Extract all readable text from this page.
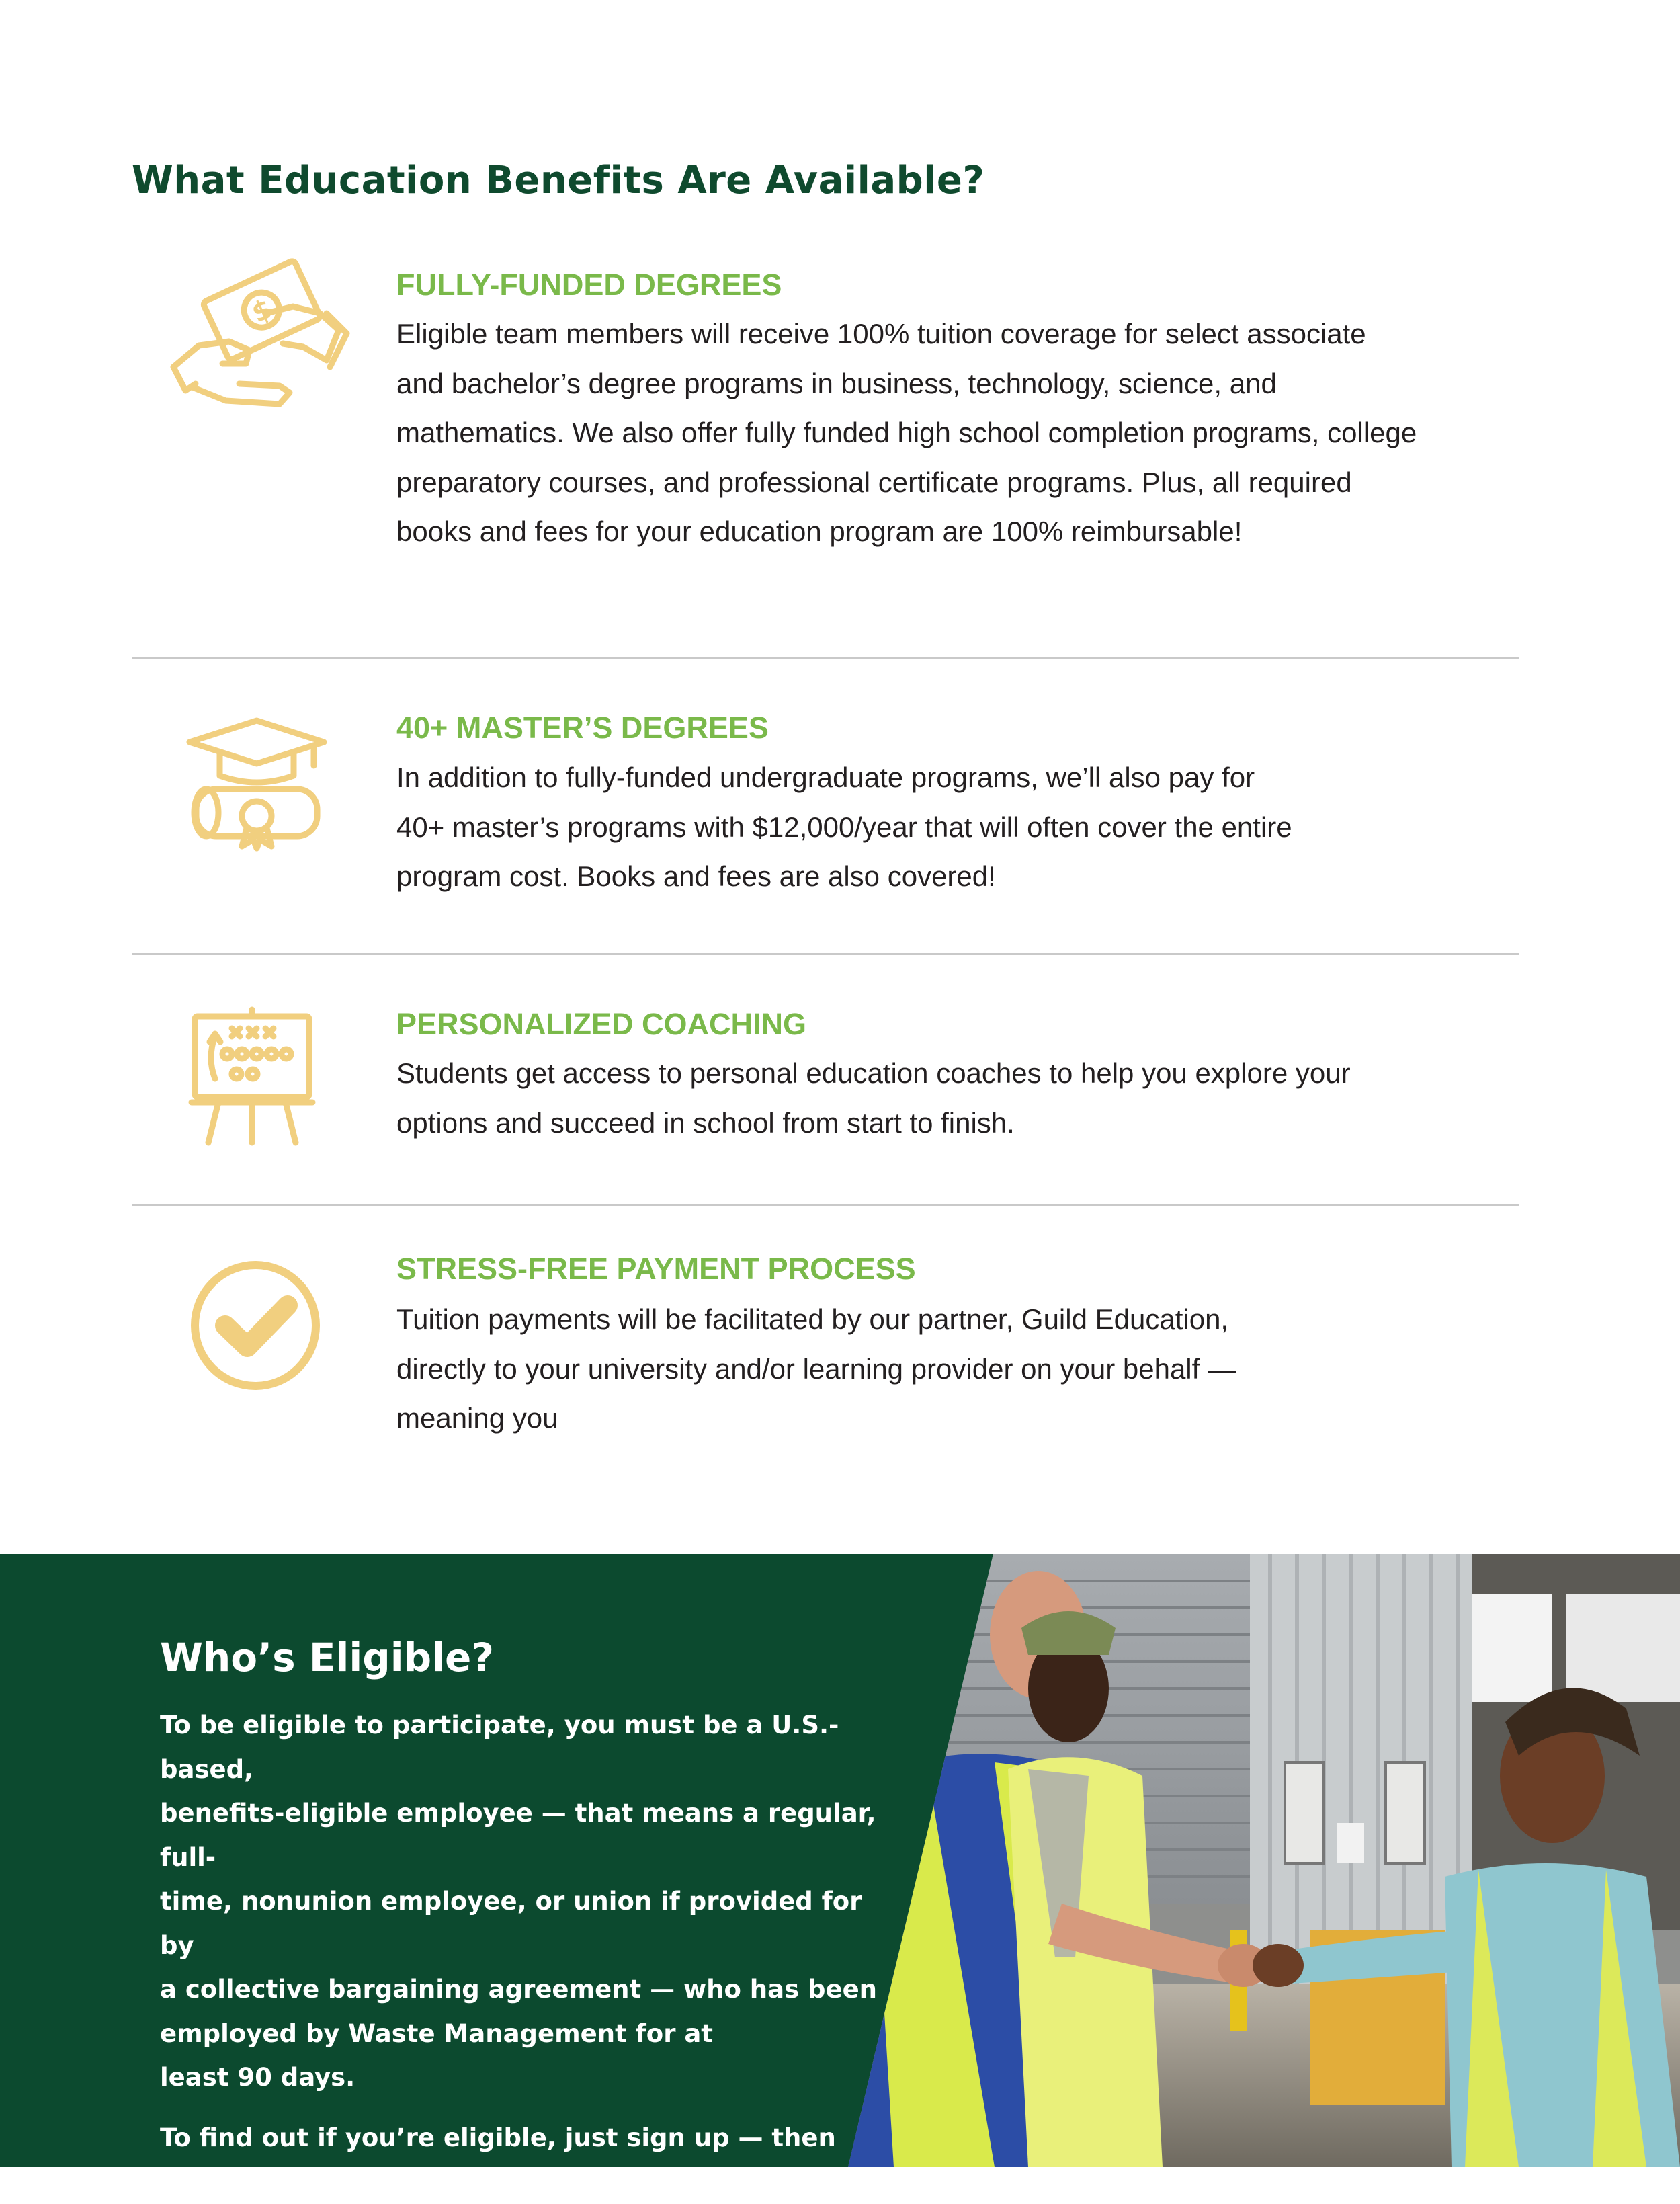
What Education Benefits Are Available?
$
FULLY-FUNDED DEGREES
Eligible team members will receive 100% tuition coverage for select associate and bachelor’s degree programs in business, technology, science, and mathematics. We also offer fully funded high school completion programs, college preparatory courses, and professional certificate programs. Plus, all required books and fees for your education program are 100% reimbursable!
40+ MASTER’S DEGREES
In addition to fully-funded undergraduate programs, we’ll also pay for
40+ master’s programs with $12,000/year that will often cover the entire
program cost. Books and fees are also covered!
PERSONALIZED COACHING
Students get access to personal education coaches to help you explore your options and succeed in school from start to finish.
STRESS-FREE PAYMENT PROCESS
Tuition payments will be facilitated by our partner, Guild Education,
directly to your university and/or learning provider on your behalf —
meaning you
Who’s Eligible?

To be eligible to participate, you must be a U.S.-based,
benefits-eligible employee — that means a regular, full-
time, nonunion employee, or union if provided for by
a collective bargaining agreement — who has been
employed by Waste Management for at
least 90 days.

To find out if you’re eligible, just sign up — then
we’ll let you know!
